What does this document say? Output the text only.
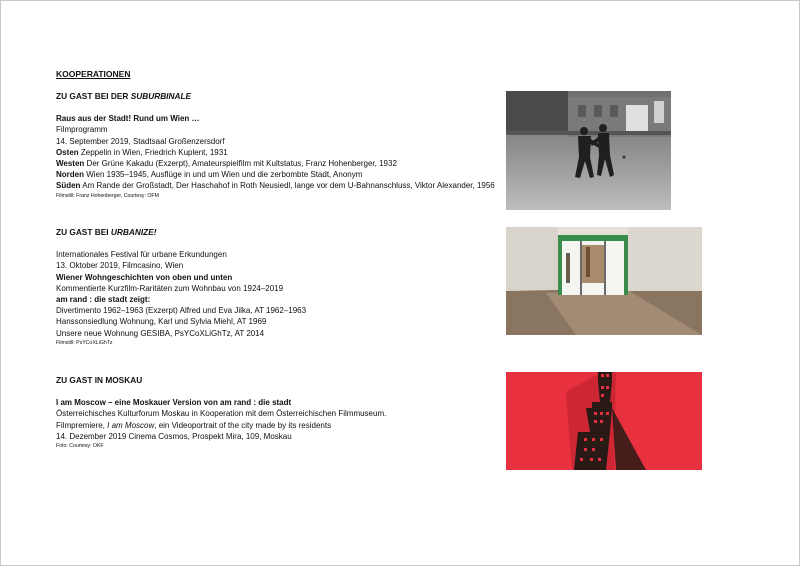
KOOPERATIONEN
ZU GAST BEI DER SUBURBINALE
Raus aus der Stadt! Rund um Wien …
Filmprogramm
14. September 2019, Stadtsaal Großenzersdorf
Osten Zeppelin in Wien, Friedrich Kuplent, 1931
Westen Der Grüne Kakadu (Exzerpt), Amateurspielfilm mit Kultstatus, Franz Hohenberger, 1932
Norden Wien 1935–1945, Ausflüge in und um Wien und die zerbombte Stadt, Anonym
Süden Am Rande der Großstadt, Der Haschahof in Roth Neusiedl, lange vor dem U-Bahnanschluss, Viktor Alexander, 1956
Filmstill: Franz Hohenberger, Courtesy: OFM
ZU GAST BEI URBANIZE!
Internationales Festival für urbane Erkundungen
13. Oktober 2019, Filmcasino, Wien
Wiener Wohngeschichten von oben und unten
Kommentierte Kurzfilm-Raritäten zum Wohnbau von 1924–2019
am rand : die stadt zeigt:
Divertimento 1962–1963 (Exzerpt) Alfred und Eva Jilka, AT 1962–1963
Hanssonsiedlung Wohnung, Karl und Sylvia Miehl, AT 1969
Unsere neue Wohnung GESIBA, PsYCoXLiGhTz, AT 2014
Filmstill: PsYCoXLiGhTz
ZU GAST IN MOSKAU
I am Moscow – eine Moskauer Version von am rand : die stadt
Österreichisches Kulturforum Moskau in Kooperation mit dem Österreichischen Filmmuseum.
Filmpremiere, I am Moscow, ein Videoportrait of the city made by its residents
14. Dezember 2019 Cinema Cosmos, Prospekt Mira, 109, Moskau
Foto: Courtesy: OKF
